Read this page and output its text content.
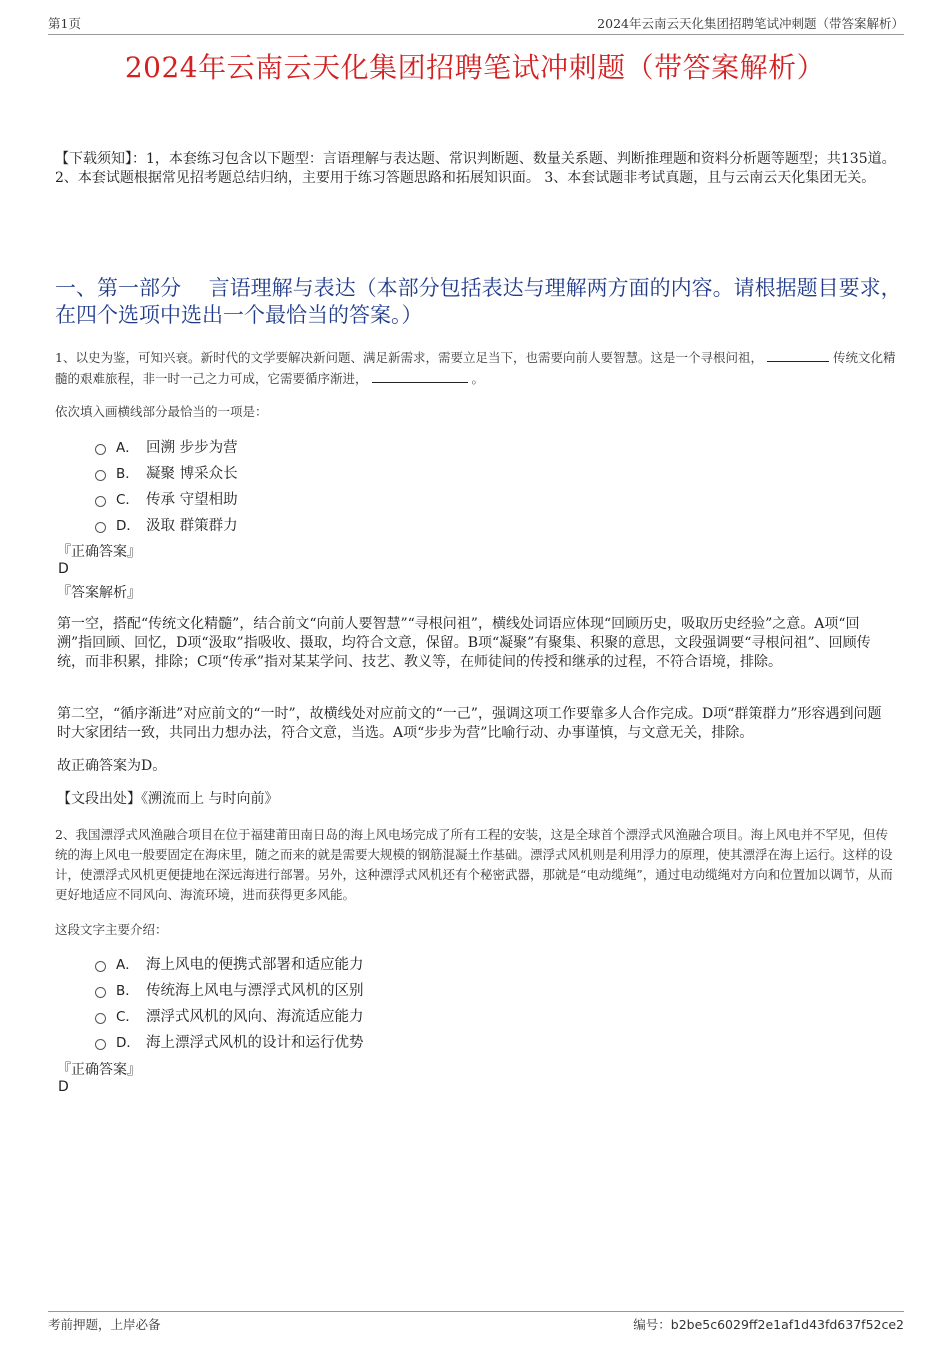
第1页	2024年云南云天化集团招聘笔试冲刺题（带答案解析）
2024年云南云天化集团招聘笔试冲刺题（带答案解析）

【下载须知】：1，本套练习包含以下题型：言语理解与表达题、常识判断题、数量关系题、判断推理题和资料分析题等题型；共135道。 2、本套试题根据常见招考题总结归纳，主要用于练习答题思路和拓展知识面。 3、本套试题非考试真题，且与云南云天化集团无关。

一、第一部分　 言语理解与表达（本部分包括表达与理解两方面的内容。请根据题目要求，在四个选项中选出一个最恰当的答案。）

1、以史为鉴，可知兴衰。新时代的文学要解决新问题、满足新需求，需要立足当下，也需要向前人要智慧。这是一个寻根问祖，	传统文化精髓的艰难旅程，非一时一己之力可成，它需要循序渐进，	。

依次填入画横线部分最恰当的一项是：

A． 回溯 步步为营
B． 凝聚 博采众长
C． 传承 守望相助
D． 汲取 群策群力

『正确答案』

D

『答案解析』

第一空，搭配“传统文化精髓”，结合前文“向前人要智慧”“寻根问祖”，横线处词语应体现“回顾历史，吸取历史经验”之意。A项“回溯”指回顾、回忆，D项“汲取”指吸收、摄取，均符合文意，保留。B项“凝聚”有聚集、积聚的意思，文段强调要“寻根问祖”、回顾传统，而非积累，排除；C项“传承”指对某某学问、技艺、教义等，在师徒间的传授和继承的过程，不符合语境，排除。

第二空，“循序渐进”对应前文的“一时”，故横线处对应前文的“一己”，强调这项工作要靠多人合作完成。D项“群策群力”形容遇到问题时大家团结一致，共同出力想办法，符合文意，当选。A项“步步为营”比喻行动、办事谨慎，与文意无关，排除。

故正确答案为D。

【文段出处】《溯流而上 与时向前》

2、我国漂浮式风渔融合项目在位于福建莆田南日岛的海上风电场完成了所有工程的安装，这是全球首个漂浮式风渔融合项目。海上风电并不罕见，但传统的海上风电一般要固定在海床里，随之而来的就是需要大规模的钢筋混凝土作基础。漂浮式风机则是利用浮力的原理，使其漂浮在海上运行。这样的设计，使漂浮式风机更便捷地在深远海进行部署。另外，这种漂浮式风机还有个秘密武器，那就是“电动缆绳”，通过电动缆绳对方向和位置加以调节，从而更好地适应不同风向、海流环境，进而获得更多风能。

这段文字主要介绍：

A． 海上风电的便携式部署和适应能力
B． 传统海上风电与漂浮式风机的区别
C． 漂浮式风机的风向、海流适应能力
D． 海上漂浮式风机的设计和运行优势

『正确答案』

D

考前押题，上岸必备	编号：b2be5c6029ff2e1af1d43fd637f52ce2
